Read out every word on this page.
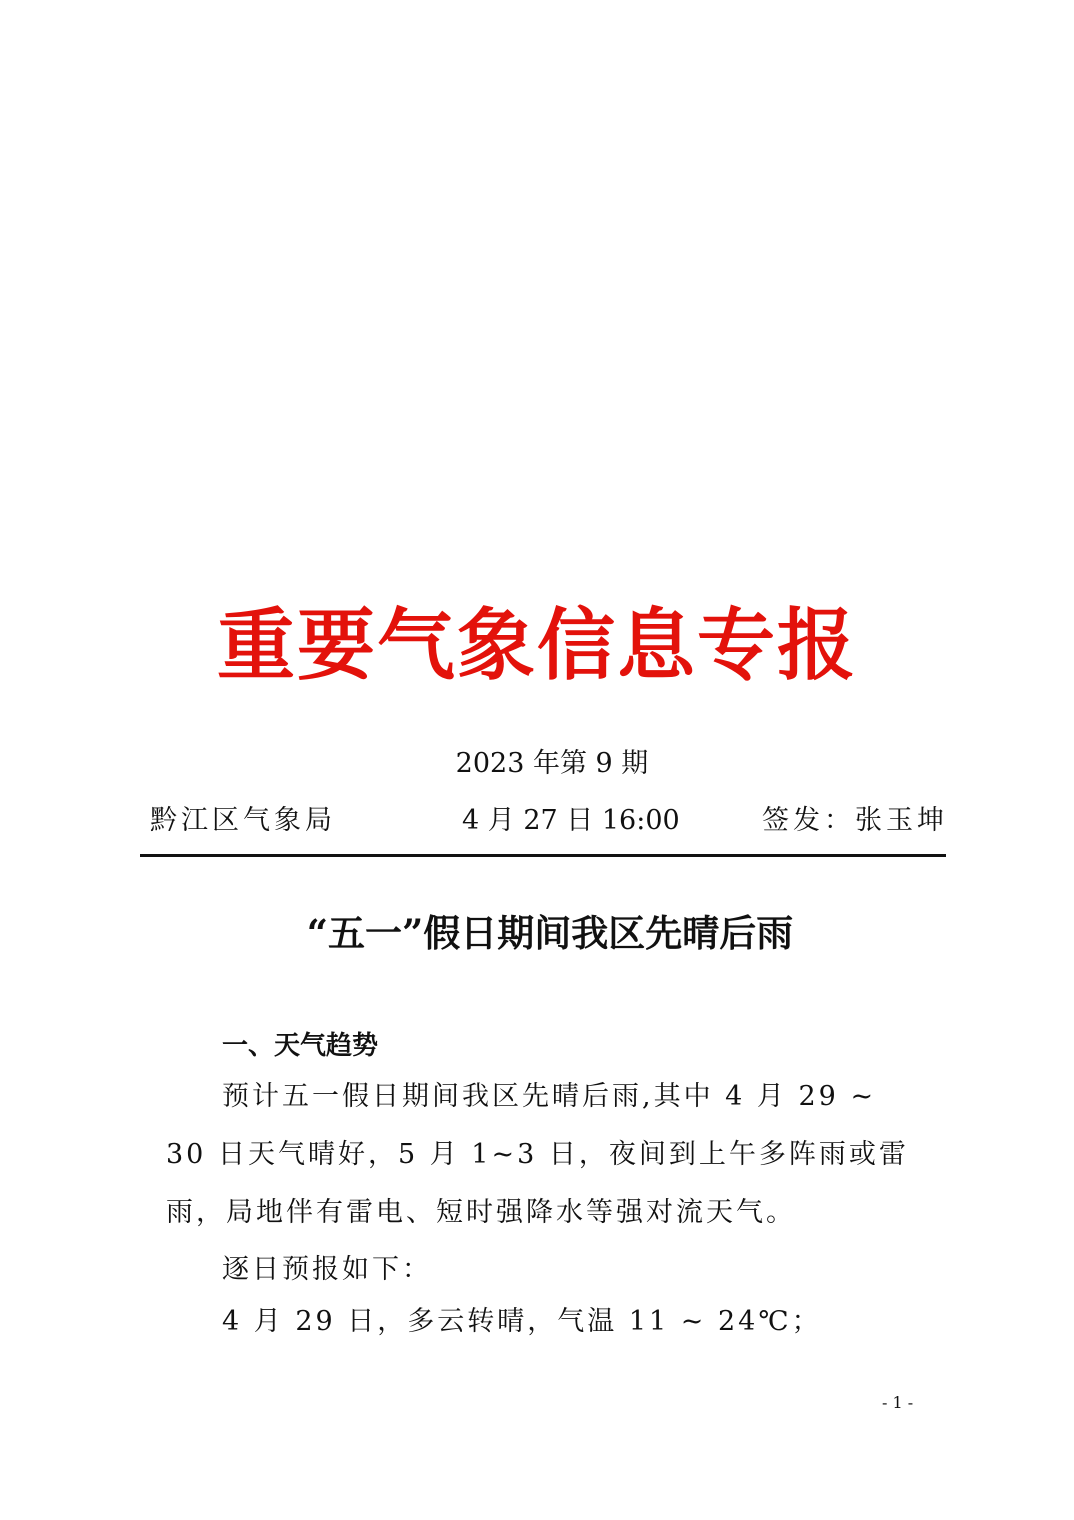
重要气象信息专报
2023 年第 9 期
黔江区气象局	4 月 27 日 16:00	签发：张玉坤
“五一”假日期间我区先晴后雨
一、天气趋势
预计五一假日期间我区先晴后雨,其中 4 月 29 ~ 30 日天气晴好，5 月 1~3 日，夜间到上午多阵雨或雷雨，局地伴有雷电、短时强降水等强对流天气。
逐日预报如下：
4 月 29 日，多云转晴，气温 11 ~ 24℃；
- 1 -
